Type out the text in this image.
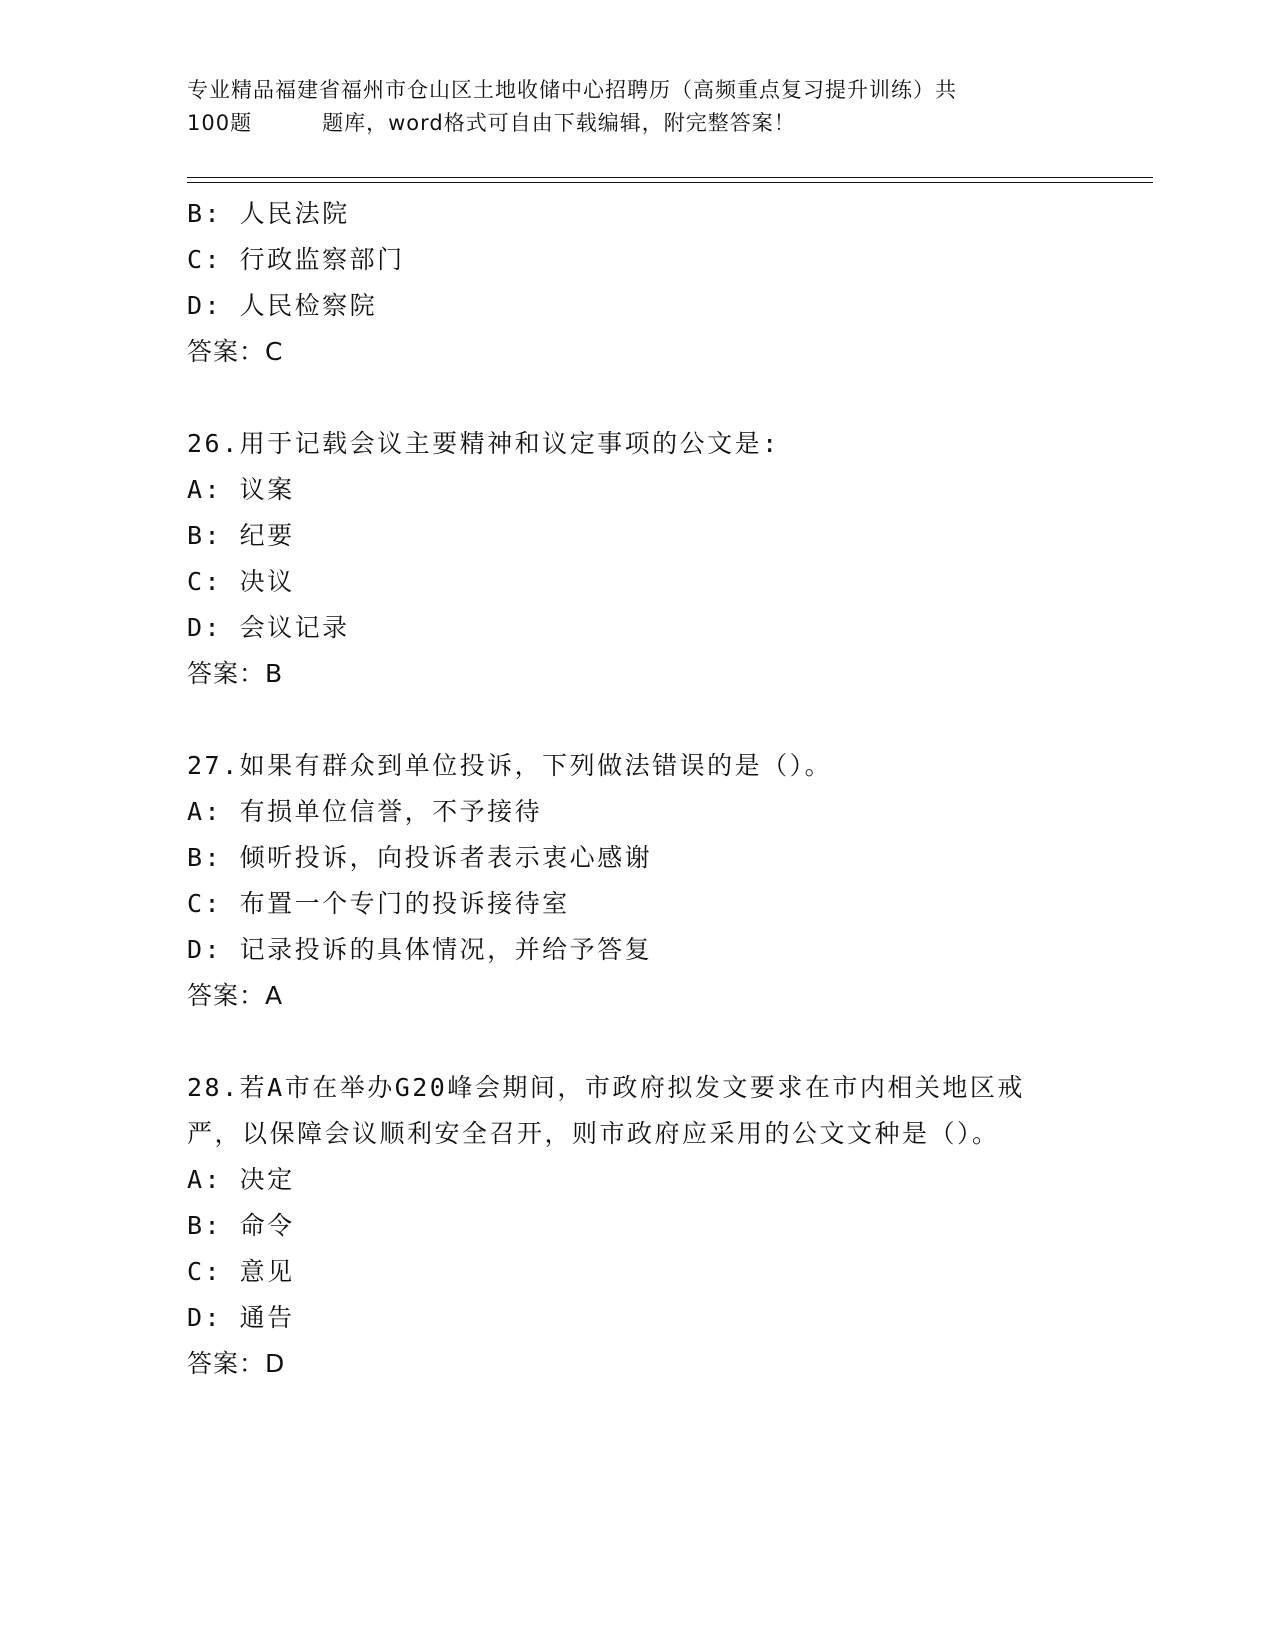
专业精品福建省福州市仓山区土地收储中心招聘历（高频重点复习提升训练）共
100题	题库，word格式可自由下载编辑，附完整答案！
B: 人民法院
C: 行政监察部门
D: 人民检察院
答案：C
26.用于记载会议主要精神和议定事项的公文是:
A: 议案
B: 纪要
C: 决议
D: 会议记录
答案：B
27.如果有群众到单位投诉，下列做法错误的是（）。
A: 有损单位信誉，不予接待
B: 倾听投诉，向投诉者表示衷心感谢
C: 布置一个专门的投诉接待室
D: 记录投诉的具体情况，并给予答复
答案：A
28.若A市在举办G20峰会期间，市政府拟发文要求在市内相关地区戒
严，以保障会议顺利安全召开，则市政府应采用的公文文种是（）。
A: 决定
B: 命令
C: 意见
D: 通告
答案：D
